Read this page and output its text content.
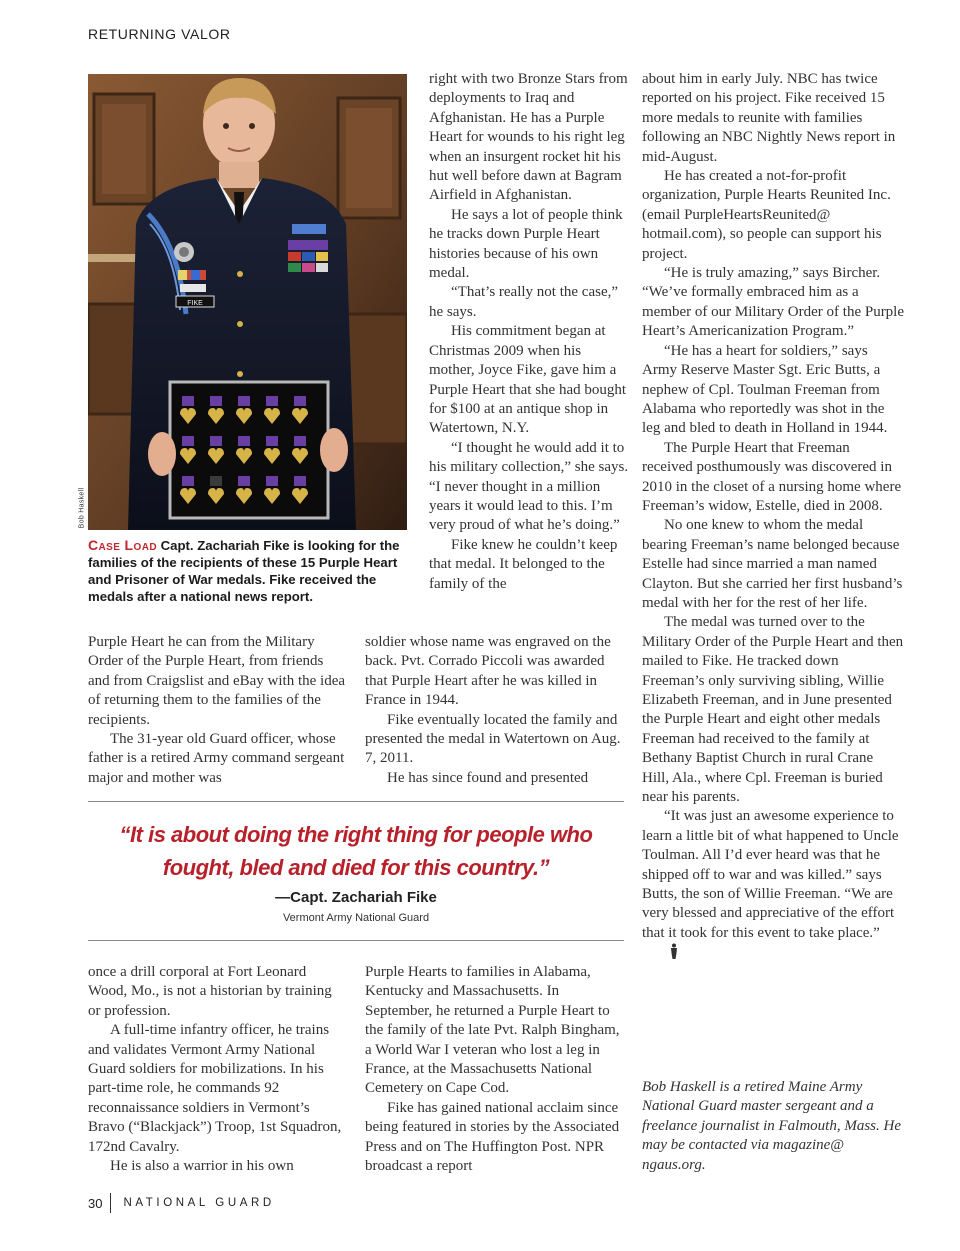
RETURNING VALOR
FIKE
Bob Haskell
Case Load Capt. Zachariah Fike is looking for the families of the recipients of these 15 Purple Heart and Prisoner of War medals. Fike received the medals after a national news report.

right with two Bronze Stars from deployments to Iraq and Afghanistan. He has a Purple Heart for wounds to his right leg when an insurgent rocket hit his hut well before dawn at Bagram Airfield in Afghanistan.

He says a lot of people think he tracks down Purple Heart histories because of his own medal.

“That’s really not the case,” he says.

His commitment began at Christmas 2009 when his mother, Joyce Fike, gave him a Purple Heart that she had bought for $100 at an antique shop in Watertown, N.Y.

“I thought he would add it to his military collection,” she says. “I never thought in a million years it would lead to this. I’m very proud of what he’s doing.”

Fike knew he couldn’t keep that medal. It belonged to the family of the

Purple Heart he can from the Military Order of the Purple Heart, from friends and from Craigslist and eBay with the idea of returning them to the families of the recipients.

The 31-year old Guard officer, whose father is a retired Army command sergeant major and mother was

soldier whose name was engraved on the back. Pvt. Corrado Piccoli was awarded that Purple Heart after he was killed in France in 1944.

Fike eventually located the family and presented the medal in Watertown on Aug. 7, 2011.

He has since found and presented

about him in early July. NBC has twice reported on his project. Fike received 15 more medals to reunite with families following an NBC Nightly News report in mid-August.

He has created a not-for-profit organization, Purple Hearts Reunited Inc. (email PurpleHeartsReunited@ hotmail.com), so people can support his project.

“He is truly amazing,” says Bircher. “We’ve formally embraced him as a member of our Military Order of the Purple Heart’s Americanization Program.”

“He has a heart for soldiers,” says Army Reserve Master Sgt. Eric Butts, a nephew of Cpl. Toulman Freeman from Alabama who reportedly was shot in the leg and bled to death in Holland in 1944.

The Purple Heart that Freeman received posthumously was discovered in 2010 in the closet of a nursing home where Freeman’s widow, Estelle, died in 2008.

No one knew to whom the medal bearing Freeman’s name belonged because Estelle had since married a man named Clayton. But she carried her first husband’s medal with her for the rest of her life.

The medal was turned over to the Military Order of the Purple Heart and then mailed to Fike. He tracked down Freeman’s only surviving sibling, Willie Elizabeth Freeman, and in June presented the Purple Heart and eight other medals Freeman had received to the family at Bethany Baptist Church in rural Crane Hill, Ala., where Cpl. Freeman is buried near his parents.

“It was just an awesome experience to learn a little bit of what happened to Uncle Toulman. All I’d ever heard was that he shipped off to war and was killed.” says Butts, the son of Willie Freeman. “We are very blessed and appreciative of the effort that it took for this event to take place.”

“It is about doing the right thing for people who fought, bled and died for this country.”
—Capt. Zachariah Fike
Vermont Army National Guard

once a drill corporal at Fort Leonard Wood, Mo., is not a historian by training or profession.

A full-time infantry officer, he trains and validates Vermont Army National Guard soldiers for mobilizations. In his part-time role, he commands 92 reconnaissance soldiers in Vermont’s Bravo (“Blackjack”) Troop, 1st Squadron, 172nd Cavalry.

He is also a warrior in his own

Purple Hearts to families in Alabama, Kentucky and Massachusetts. In September, he returned a Purple Heart to the family of the late Pvt. Ralph Bingham, a World War I veteran who lost a leg in France, at the Massachusetts National Cemetery on Cape Cod.

Fike has gained national acclaim since being featured in stories by the Associated Press and on The Huffington Post. NPR broadcast a report

Bob Haskell is a retired Maine Army National Guard master sergeant and a freelance journalist in Falmouth, Mass. He may be contacted via magazine@ ngaus.org.
30 NATIONAL GUARD
